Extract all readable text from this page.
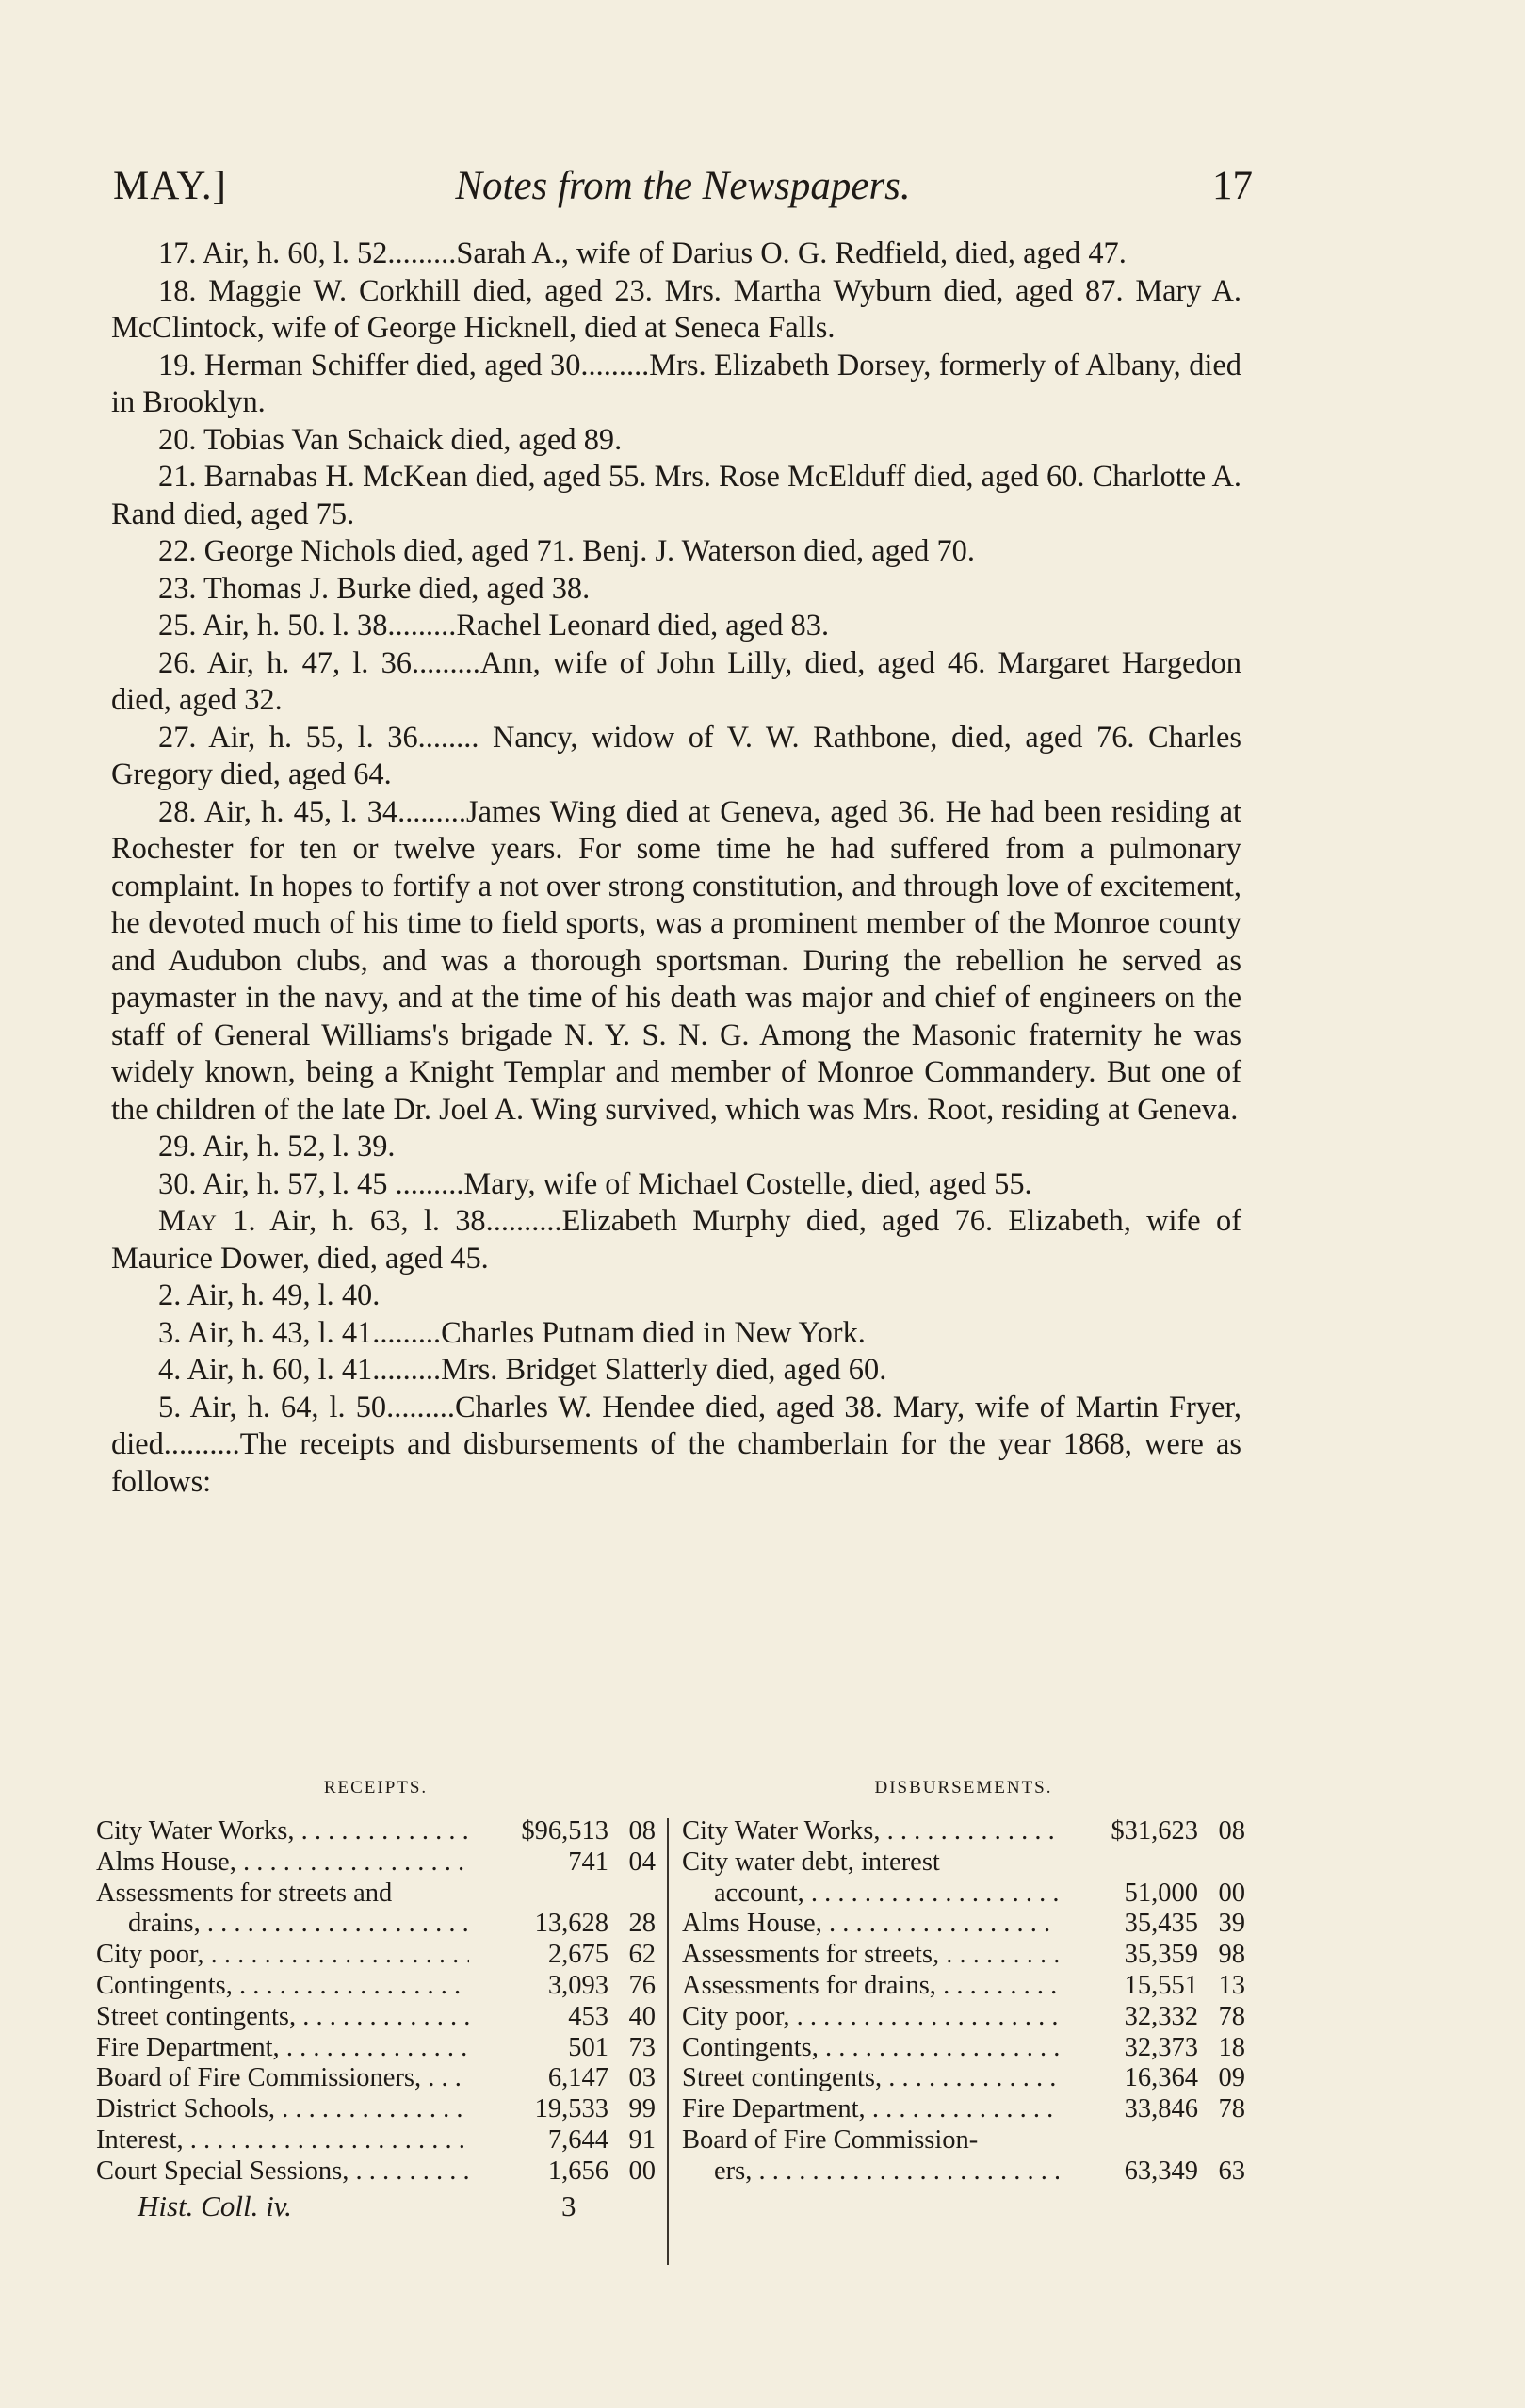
Notes from the Newspapers.
MAY.]	17

17. Air, h. 60, l. 52.........Sarah A., wife of Darius O. G. Redfield, died, aged 47.

18. Maggie W. Corkhill died, aged 23. Mrs. Martha Wyburn died, aged 87. Mary A. McClintock, wife of George Hicknell, died at Seneca Falls.

19. Herman Schiffer died, aged 30.........Mrs. Elizabeth Dorsey, formerly of Albany, died in Brooklyn.

20. Tobias Van Schaick died, aged 89.

21. Barnabas H. McKean died, aged 55. Mrs. Rose McElduff died, aged 60. Charlotte A. Rand died, aged 75.

22. George Nichols died, aged 71. Benj. J. Waterson died, aged 70.

23. Thomas J. Burke died, aged 38.

25. Air, h. 50. l. 38.........Rachel Leonard died, aged 83.

26. Air, h. 47, l. 36.........Ann, wife of John Lilly, died, aged 46. Margaret Hargedon died, aged 32.

27. Air, h. 55, l. 36........ Nancy, widow of V. W. Rathbone, died, aged 76. Charles Gregory died, aged 64.

28. Air, h. 45, l. 34.........James Wing died at Geneva, aged 36. He had been residing at Rochester for ten or twelve years. For some time he had suffered from a pulmonary complaint. In hopes to fortify a not over strong constitution, and through love of excitement, he devoted much of his time to field sports, was a prominent member of the Monroe county and Audubon clubs, and was a thorough sportsman. During the rebellion he served as paymaster in the navy, and at the time of his death was major and chief of engineers on the staff of General Williams's brigade N. Y. S. N. G. Among the Masonic fraternity he was widely known, being a Knight Templar and member of Monroe Commandery. But one of the children of the late Dr. Joel A. Wing survived, which was Mrs. Root, residing at Geneva.

29. Air, h. 52, l. 39.

30. Air, h. 57, l. 45 .........Mary, wife of Michael Costelle, died, aged 55.

May 1. Air, h. 63, l. 38..........Elizabeth Murphy died, aged 76. Elizabeth, wife of Maurice Dower, died, aged 45.

2. Air, h. 49, l. 40.

3. Air, h. 43, l. 41.........Charles Putnam died in New York.

4. Air, h. 60, l. 41.........Mrs. Bridget Slatterly died, aged 60.

5. Air, h. 64, l. 50.........Charles W. Hendee died, aged 38. Mary, wife of Martin Fryer, died..........The receipts and disbursements of the chamberlain for the year 1868, were as follows:

RECEIPTS.
City Water Works, . . .	$96,513 08
Alms House, . . .	741 04
Assessments for streets and
drains, . . .	13,628 28
City poor, . . .	2,675 62
Contingents, . . .	3,093 76
Street contingents, . . .	453 40
Fire Department, . . .	501 73
Board of Fire Commissioners, . . .	6,147 03
District Schools, . . .	19,533 99
Interest, . . .	7,644 91
Court Special Sessions, . . .	1,656 00
DISBURSEMENTS.
City Water Works, . . .	$31,623 08
City water debt, interest
account, . . .	51,000 00
Alms House, . . .	35,435 39
Assessments for streets, . . .	35,359 98
Assessments for drains, . . .	15,551 13
City poor, . . .	32,332 78
Contingents, . . .	32,373 18
Street contingents, . . .	16,364 09
Fire Department, . . .	33,846 78
Board of Fire Commission-
ers, . . .	63,349 63
Hist. Coll. iv.	3
